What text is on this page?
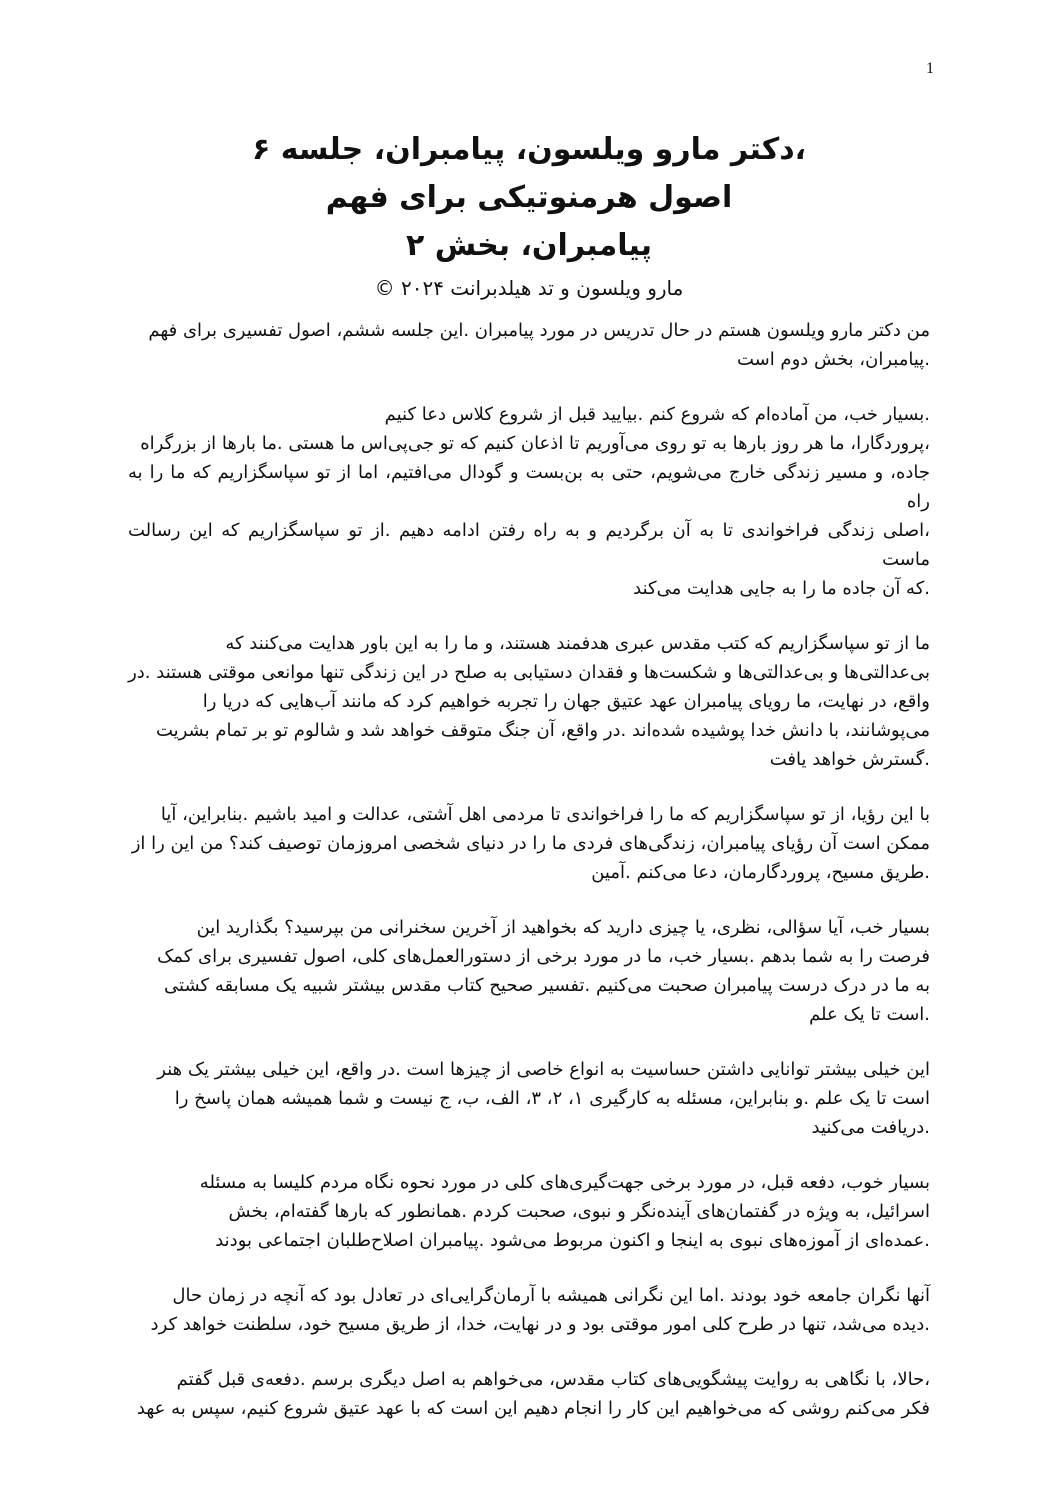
1
،دکتر مارو ویلسون، پیامبران، جلسه ۶
اصول هرمنوتیکی برای فهم
پیامبران، بخش ۲
مارو ویلسون و تد هیلدبرانت ۲۰۲۴ ©
من دکتر مارو ویلسون هستم در حال تدریس در مورد پیامبران .این جلسه ششم، اصول تفسیری برای فهم
.پیامبران، بخش دوم است
.بسیار خب، من آماده‌ام که شروع کنم .بیایید قبل از شروع کلاس دعا کنیم
،پروردگارا، ما هر روز بارها به تو روی می‌آوریم تا اذعان کنیم که تو جی‌پی‌اس ما هستی .ما بارها از بزرگراه
جاده، و مسیر زندگی خارج می‌شویم، حتی به بن‌بست و گودال می‌افتیم، اما از تو سپاسگزاریم که ما را به راه
،اصلی زندگی فراخواندی تا به آن برگردیم و به راه رفتن ادامه دهیم .از تو سپاسگزاریم که این رسالت ماست
.که آن جاده ما را به جایی هدایت می‌کند
ما از تو سپاسگزاریم که کتب مقدس عبری هدفمند هستند، و ما را به این باور هدایت می‌کنند که
بی‌عدالتی‌ها و بی‌عدالتی‌ها و شکست‌ها و فقدان دستیابی به صلح در این زندگی تنها موانعی موقتی هستند .در
واقع، در نهایت، ما رویای پیامبران عهد عتیق جهان را تجربه خواهیم کرد که مانند آب‌هایی که دریا را
می‌پوشانند، با دانش خدا پوشیده شده‌اند .در واقع، آن جنگ متوقف خواهد شد و شالوم تو بر تمام بشریت
.گسترش خواهد یافت
با این رؤیا، از تو سپاسگزاریم که ما را فراخواندی تا مردمی اهل آشتی، عدالت و امید باشیم .بنابراین، آیا
ممکن است آن رؤیای پیامبران، زندگی‌های فردی ما را در دنیای شخصی امروزمان توصیف کند؟ من این را از
.طریق مسیح، پروردگارمان، دعا می‌کنم .آمین
بسیار خب، آیا سؤالی، نظری، یا چیزی دارید که بخواهید از آخرین سخنرانی من بپرسید؟ بگذارید این
فرصت را به شما بدهم .بسیار خب، ما در مورد برخی از دستورالعمل‌های کلی، اصول تفسیری برای کمک
به ما در درک درست پیامبران صحبت می‌کنیم .تفسیر صحیح کتاب مقدس بیشتر شبیه یک مسابقه کشتی
.است تا یک علم
این خیلی بیشتر توانایی داشتن حساسیت به انواع خاصی از چیزها است .در واقع، این خیلی بیشتر یک هنر
است تا یک علم .و بنابراین، مسئله به کارگیری ۱، ۲، ۳، الف، ب، ج نیست و شما همیشه همان پاسخ را
.دریافت می‌کنید
بسیار خوب، دفعه قبل، در مورد برخی جهت‌گیری‌های کلی در مورد نحوه نگاه مردم کلیسا به مسئله
اسرائیل، به ویژه در گفتمان‌های آینده‌نگر و نبوی، صحبت کردم .همانطور که بارها گفته‌ام، بخش
.عمده‌ای از آموزه‌های نبوی به اینجا و اکنون مربوط می‌شود .پیامبران اصلاح‌طلبان اجتماعی بودند
آنها نگران جامعه خود بودند .اما این نگرانی همیشه با آرمان‌گرایی‌ای در تعادل بود که آنچه در زمان حال
.دیده می‌شد، تنها در طرح کلی امور موقتی بود و در نهایت، خدا، از طریق مسیح خود، سلطنت خواهد کرد
،حالا، با نگاهی به روایت پیشگویی‌های کتاب مقدس، می‌خواهم به اصل دیگری برسم .دفعه‌ی قبل گفتم
فکر می‌کنم روشی که می‌خواهیم این کار را انجام دهیم این است که با عهد عتیق شروع کنیم، سپس به عهد
